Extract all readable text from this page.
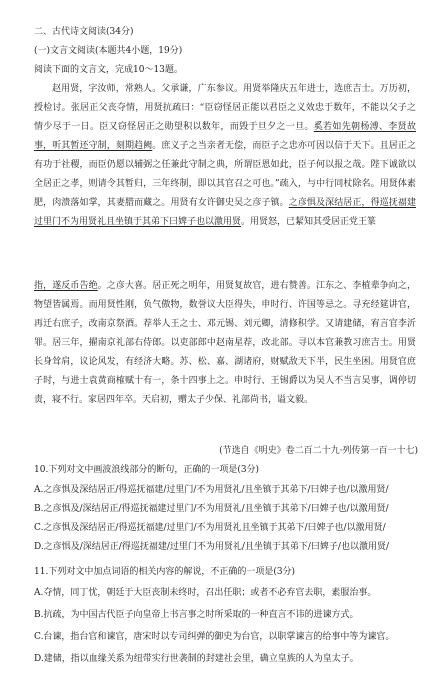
二、古代诗文阅读(34分)
(一)文言文阅读(本题共4小题，19分)
阅读下面的文言文，完成10～13题。
赵用贤，字汝师，常熟人。父承谦，广东参议。用贤举隆庆五年进士，选庶吉士。万历初，授检讨。张居正父丧夺情，用贤抗疏曰：“臣窃怪居正能以君臣之义效忠于数年，不能以父子之情少尽于一日。臣又窃怪居正之勋望积以数年，而毁于旦夕之一旦。奚若如先朝杨溥、李贤故事，听其暂还守制，刻期趋阙。庶义子之当亲者无偿，而臣子之忠亦可因以信于天下。且居正之有功于社稷，而臣仍愿以辅弼之任兼此守制之典，所谓臣恩如此，臣子何以报之哉。陛下诚欲以全居正之孝，则请令其暂归，三年终制，即以其官召之可也。”疏入，与中行同杖除名。用贤体素肥，肉溃落如掌，其妻腊而藏之。用贤有女许御史吴之彦子镇。之彦惧及深结居正，得巡抚福建过里门不为用贤礼且坐镇于其弟下曰婢子也以激用贤。用贤怒，已絜知其受居正党王篆
指，遂反币告绝。之彦大喜。居正死之明年，用贤复故官，进右赞善。江东之、李植辈争向之，物望皆属焉。而用贤性刚，负气傲物，数誉议大臣得失，申时行、许国等忌之。寻充经筵讲官，再迁右庶子，改南京祭酒。荐举人王之士、邓元锡、刘元卿，清修积学。又请建储，宥言官李沂罪。居三年，擢南京礼部右侍郎。以吏部郎中赵南星荐，改北部。寻以本官兼教习庶吉士。用贤长身耸肩，议论风发，有经济大略。苏、松、嘉、湖诸府，财赋敌天下半，民生坐困。用贤官庶子时，与进士袁黄商榷赋十有一，条十四事上之。申时行、王锡爵以为吴人不当言吴事，调停切责，寝不行。家居四年卒。天启初，赠太子少保、礼部尚书，谥文毅。
(节选自《明史》卷二百二十九·列传第一百一十七)
10.下列对文中画波浪线部分的断句，正确的一项是(3分)
A.之彦惧及深结居正/得巡抚福建/过里门/不为用贤礼/且坐镇于其弟下/曰婢子也/以激用贤/
B.之彦惧及/深结居正/得巡抚福建过里门/不为用贤礼/且坐镇于其弟下/曰婢子也/以激用贤/
C.之彦惧及深结居正/得巡抚福建/过里门/不为用贤礼且坐镇于其弟下/曰婢子也/以激用贤/
D.之彦惧及/深结居正/得巡抚福建/过里门不为用贤礼/且坐镇于其弟下/曰婢子/也以激用贤/
11.下列对文中加点词语的相关内容的解说，不正确的一项是(3分)
A.夺情，同丁忧，朝廷于大臣丧制未终时，召出任职；或者不必弃官去职，素服治事。
B.抗疏，为中国古代臣子向皇帝上书言事之时所采取的一种直言不讳的进谏方式。
C.台谏，指台官和谏官，唐宋时以专司纠弹的御史为台官，以职掌谏言的给事中等为谏官。
D.建储，指以血缘关系为纽带实行世袭制的封建社会里，确立皇族的人为皇太子。
